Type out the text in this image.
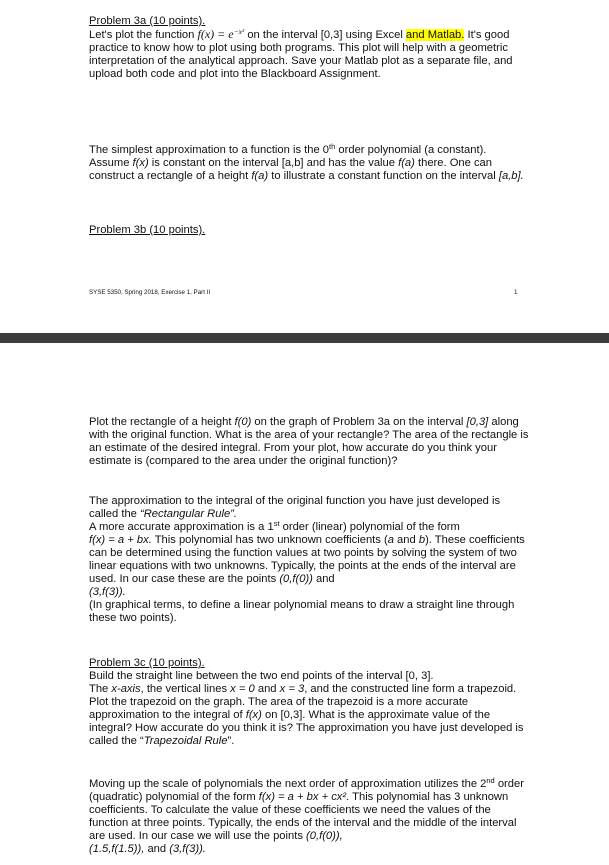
Problem 3a (10 points).
Let's plot the function $f(x) = e^{-x^2}$ on the interval [0,3] using Excel and Matlab. It's good practice to know how to plot using both programs. This plot will help with a geometric interpretation of the analytical approach. Save your Matlab plot as a separate file, and upload both code and plot into the Blackboard Assignment.

The simplest approximation to a function is the 0th order polynomial (a constant). Assume f(x) is constant on the interval [a,b] and has the value f(a) there. One can construct a rectangle of a height f(a) to illustrate a constant function on the interval [a,b].

Problem 3b (10 points).

SYSE 5350, Spring 2018, Exercise 1, Part II	1

Plot the rectangle of a height f(0) on the graph of Problem 3a on the interval [0,3] along with the original function. What is the area of your rectangle? The area of the rectangle is an estimate of the desired integral. From your plot, how accurate do you think your estimate is (compared to the area under the original function)?

The approximation to the integral of the original function you have just developed is called the “Rectangular Rule”.
A more accurate approximation is a 1st order (linear) polynomial of the form
f(x) = a + bx. This polynomial has two unknown coefficients (a and b). These coefficients can be determined using the function values at two points by solving the system of two linear equations with two unknowns. Typically, the points at the ends of the interval are used. In our case these are the points (0,f(0)) and
(3,f(3)).
(In graphical terms, to define a linear polynomial means to draw a straight line through these two points).

Problem 3c (10 points).
Build the straight line between the two end points of the interval [0, 3].
The x-axis, the vertical lines x = 0 and x = 3, and the constructed line form a trapezoid. Plot the trapezoid on the graph. The area of the trapezoid is a more accurate approximation to the integral of f(x) on [0,3]. What is the approximate value of the integral? How accurate do you think it is? The approximation you have just developed is called the “Trapezoidal Rule”.

Moving up the scale of polynomials the next order of approximation utilizes the 2nd order (quadratic) polynomial of the form f(x) = a + bx + cx². This polynomial has 3 unknown coefficients. To calculate the value of these coefficients we need the values of the function at three points. Typically, the ends of the interval and the middle of the interval are used. In our case we will use the points (0,f(0)),
(1.5,f(1.5)), and (3,f(3)).
